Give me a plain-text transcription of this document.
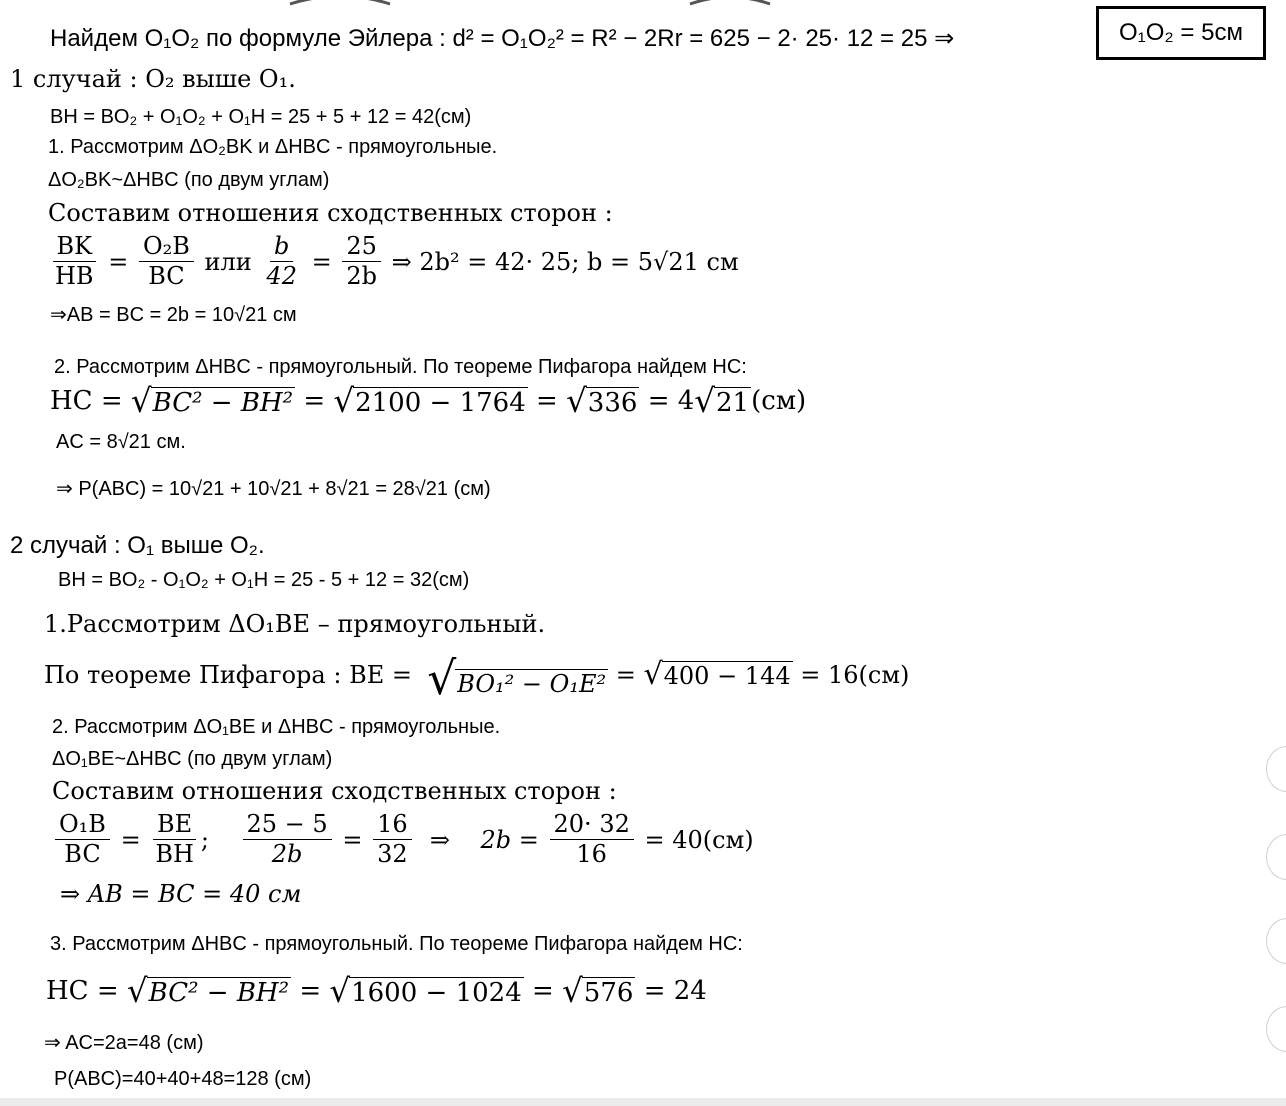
Найдем O₁O₂ по формуле Эйлера : d² = O₁O₂² = R² − 2Rr = 625 − 2· 25· 12 = 25 ⇒	O₁O₂ = 5см
1 случай : O₂ выше O₁.
BH = BO₂ + O₁O₂ + O₁H = 25 + 5 + 12 = 42(см)
1. Рассмотрим ΔO₂BK и ΔHBC - прямоугольные.
ΔO₂BK~ΔHBC (по двум углам)
Составим отношения сходственных сторон :
$\frac{BK}{HB} = \frac{\text{O₂B}}{BC}$
или
$\frac{b}{42} = \frac{25}{2b}$
⇒ 2b² = 42· 25; b = 5√21 см
⇒AB = BC = 2b = 10√21 см
2. Рассмотрим ΔHBC - прямоугольный. По теореме Пифагора найдем HC:
HC =
√ BC² − BH²
=
√ 2100 − 1764
=
√ 336
= 4 √ 21 (см)
AC = 8√21 см.
⇒ P(ABC) = 10√21 + 10√21 + 8√21 = 28√21 (см)
2 случай : O₁ выше O₂.
BH = BO₂ - O₁O₂ + O₁H = 25 - 5 + 12 = 32(см)
1.Рассмотрим ΔO₁BE – прямоугольный.
По теореме Пифагора : BE =
√ BO₁² − O₁E²
=
√ 400 − 144
= 16(см)
2. Рассмотрим ΔO₁BE и ΔHBC - прямоугольные.
ΔO₁BE~ΔHBC (по двум углам)
Составим отношения сходственных сторон :
$\frac{\text{O₁B}}{BC} = \frac{BE}{BH}$ ;
$\frac{25 - 5}{2b} = \frac{16}{32}$
⇒
2b =
$\frac{20\cdot 32}{16}$
= 40(см)
⇒ AB = BC = 40 см
3. Рассмотрим ΔHBC - прямоугольный. По теореме Пифагора найдем HC:
HC =
√ BC² − BH²
=
√ 1600 − 1024
=
√ 576
= 24
⇒ AC=2a=48 (см)
P(ABC)=40+40+48=128 (см)
